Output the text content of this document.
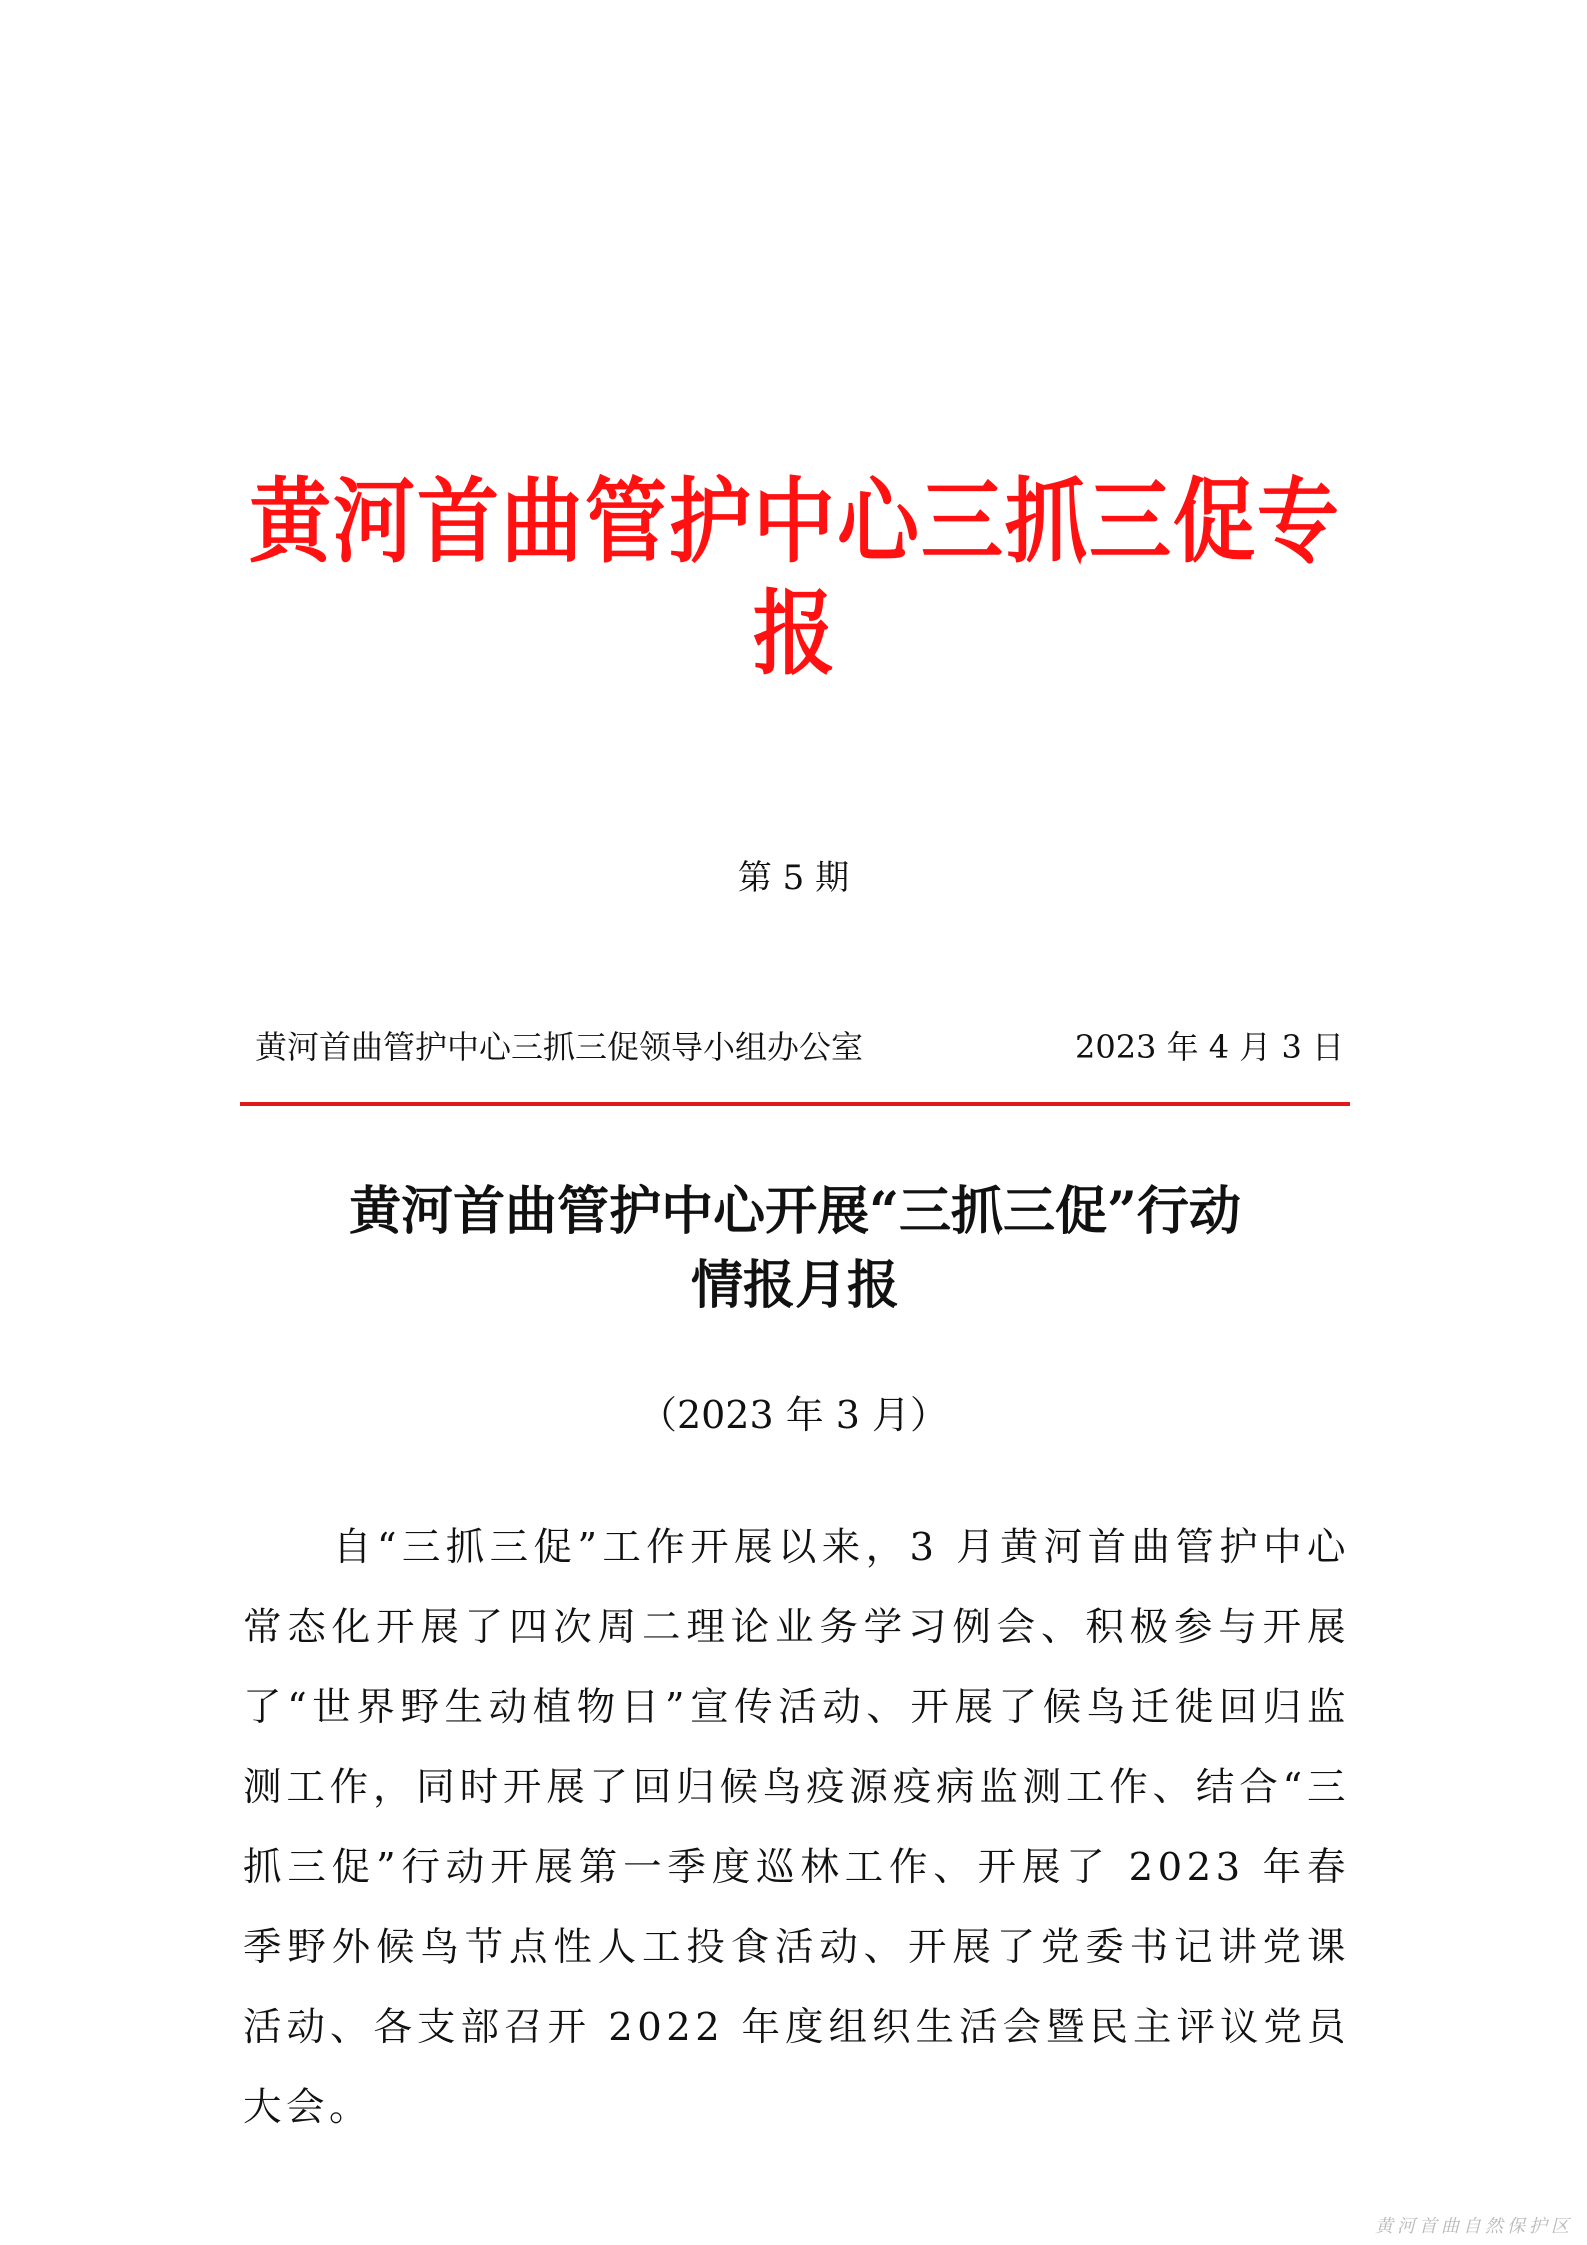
黄河首曲管护中心三抓三促专报
第 5 期
黄河首曲管护中心三抓三促领导小组办公室	2023 年 4 月 3 日
黄河首曲管护中心开展“三抓三促”行动
情报月报
（2023 年 3 月）
自“三抓三促”工作开展以来，3 月黄河首曲管护中心常态化开展了四次周二理论业务学习例会、积极参与开展了“世界野生动植物日”宣传活动、开展了候鸟迁徙回归监测工作，同时开展了回归候鸟疫源疫病监测工作、结合“三抓三促”行动开展第一季度巡林工作、开展了 2023 年春季野外候鸟节点性人工投食活动、开展了党委书记讲党课活动、各支部召开 2022 年度组织生活会暨民主评议党员大会。
黄河首曲自然保护区
